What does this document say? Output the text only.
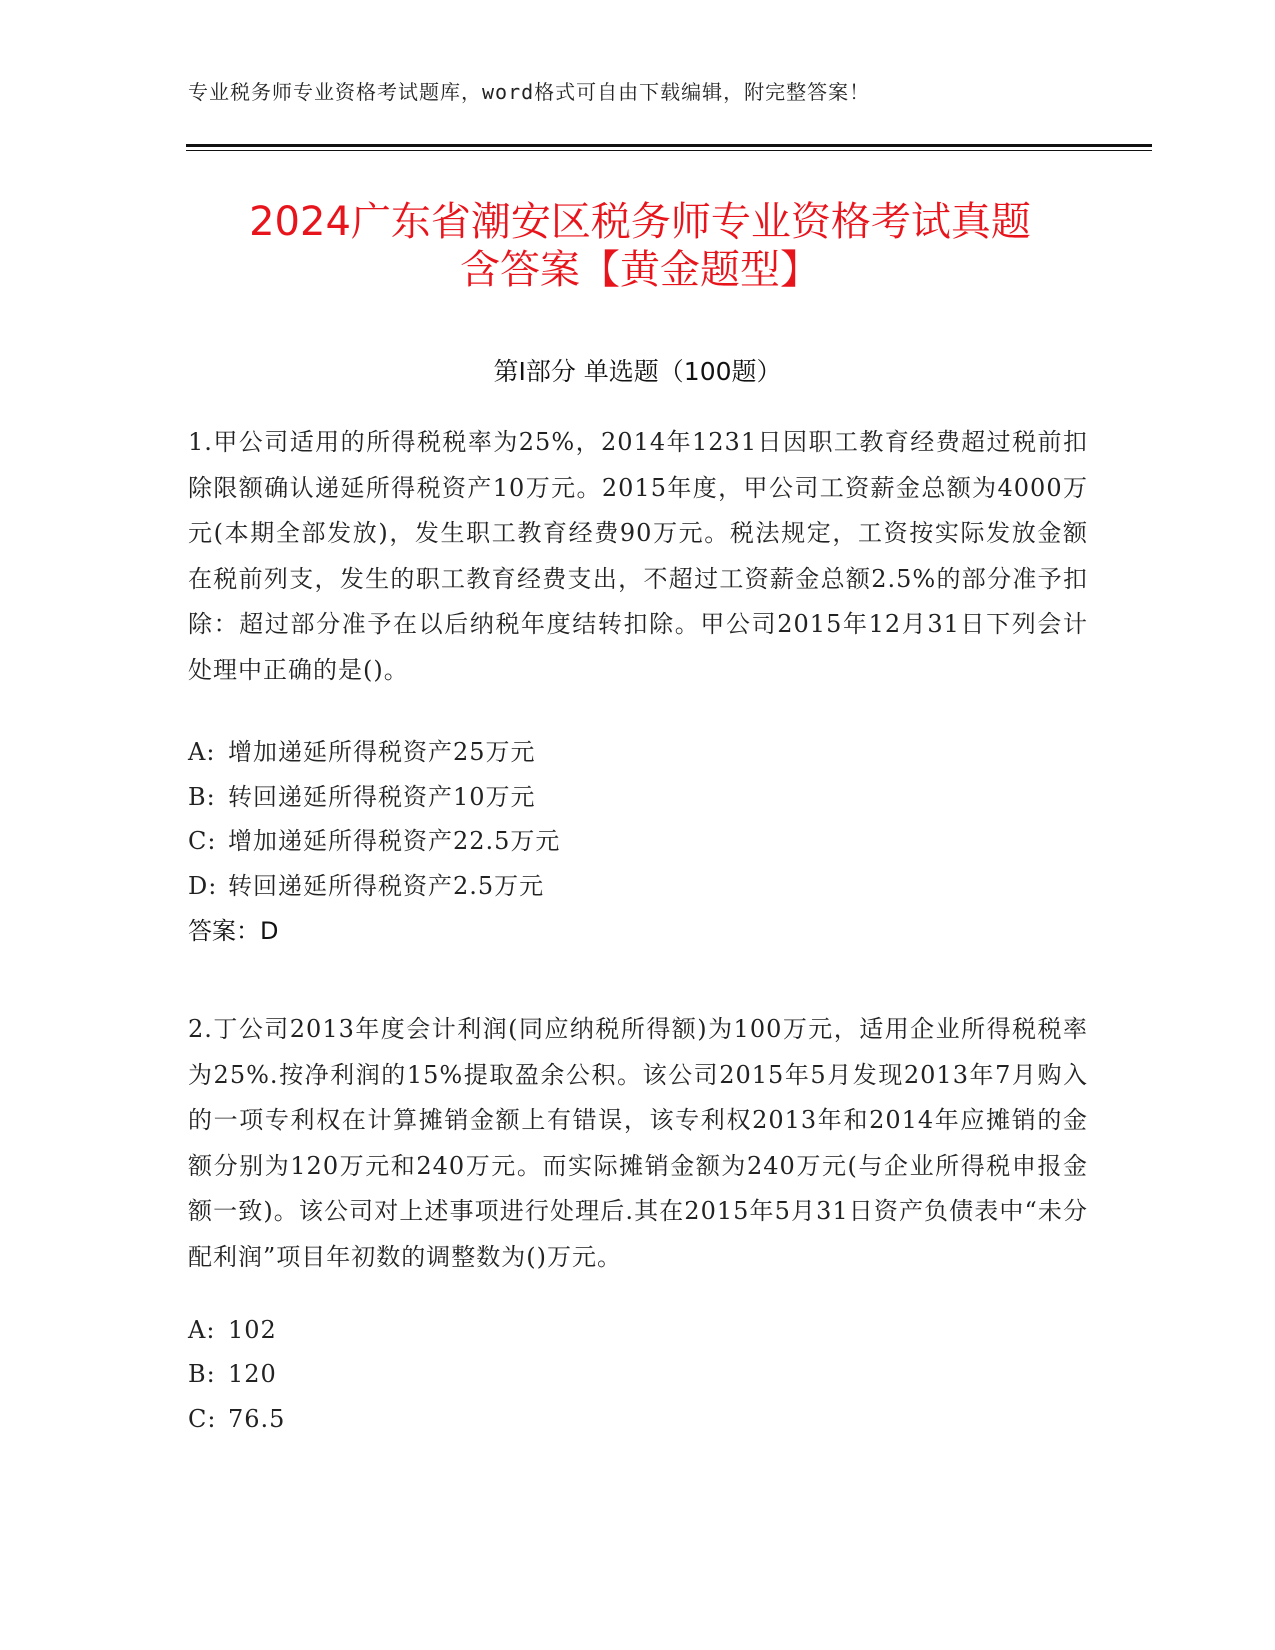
专业税务师专业资格考试题库，word格式可自由下载编辑，附完整答案！
2024广东省潮安区税务师专业资格考试真题
含答案【黄金题型】
第Ⅰ部分 单选题（100题）
1.甲公司适用的所得税税率为25%，2014年1231日因职工教育经费超过税前扣除限额确认递延所得税资产10万元。2015年度，甲公司工资薪金总额为4000万元(本期全部发放)，发生职工教育经费90万元。税法规定，工资按实际发放金额在税前列支，发生的职工教育经费支出，不超过工资薪金总额2.5%的部分准予扣除：超过部分准予在以后纳税年度结转扣除。甲公司2015年12月31日下列会计处理中正确的是()。
A: 增加递延所得税资产25万元
B: 转回递延所得税资产10万元
C: 增加递延所得税资产22.5万元
D: 转回递延所得税资产2.5万元
答案：D
2.丁公司2013年度会计利润(同应纳税所得额)为100万元，适用企业所得税税率为25%.按净利润的15%提取盈余公积。该公司2015年5月发现2013年7月购入的一项专利权在计算摊销金额上有错误，该专利权2013年和2014年应摊销的金额分别为120万元和240万元。而实际摊销金额为240万元(与企业所得税申报金额一致)。该公司对上述事项进行处理后.其在2015年5月31日资产负债表中“未分配利润”项目年初数的调整数为()万元。
A: 102
B: 120
C: 76.5
